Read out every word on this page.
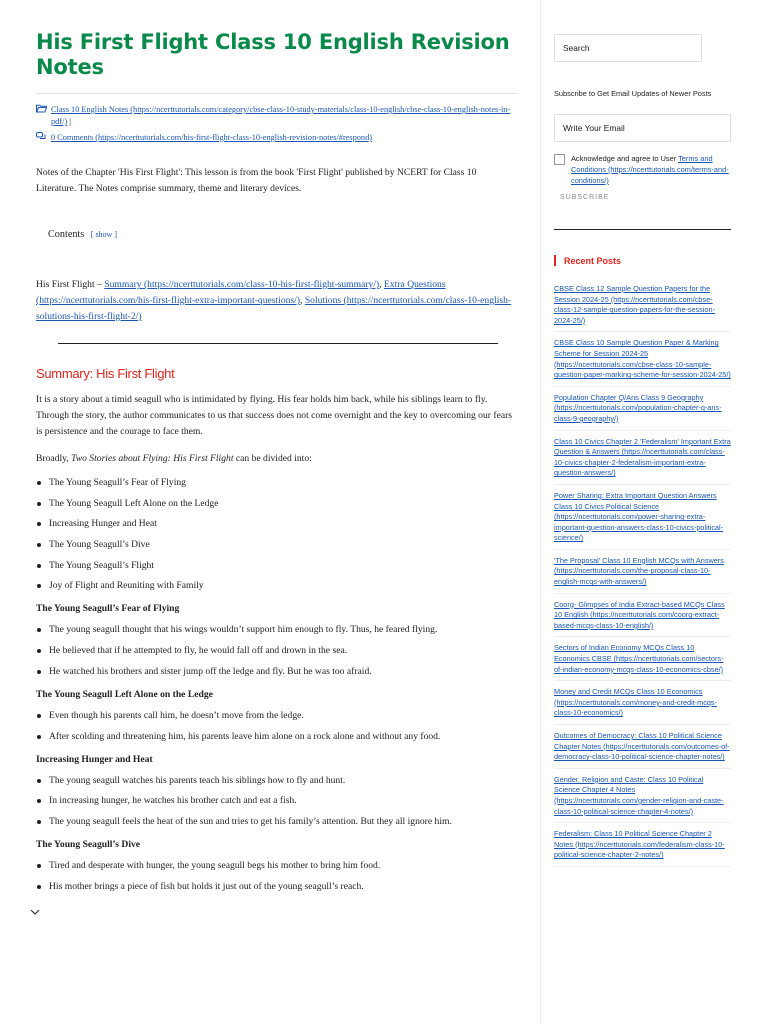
His First Flight Class 10 English Revision Notes
Class 10 English Notes (https://ncerttutorials.com/category/cbse-class-10-study-materials/class-10-english/cbse-class-10-english-notes-in-pdf/) |
0 Comments (https://ncerttutorials.com/his-first-flight-class-10-english-revision-notes/#respond)

Notes of the Chapter 'His First Flight': This lesson is from the book 'First Flight' published by NCERT for Class 10 Literature. The Notes comprise summary, theme and literary devices.

Contents [ show ]

His First Flight – Summary (https://ncerttutorials.com/class-10-his-first-flight-summary/), Extra Questions (https://ncerttutorials.com/his-first-flight-extra-important-questions/), Solutions (https://ncerttutorials.com/class-10-english-solutions-his-first-flight-2/)

Summary: His First Flight

It is a story about a timid seagull who is intimidated by flying. His fear holds him back, while his siblings learn to fly. Through the story, the author communicates to us that success does not come overnight and the key to overcoming our fears is persistence and the courage to face them.

Broadly, Two Stories about Flying: His First Flight can be divided into:

The Young Seagull’s Fear of Flying
The Young Seagull Left Alone on the Ledge
Increasing Hunger and Heat
The Young Seagull’s Dive
The Young Seagull’s Flight
Joy of Flight and Reuniting with Family
The Young Seagull’s Fear of Flying
The young seagull thought that his wings wouldn’t support him enough to fly. Thus, he feared flying.
He believed that if he attempted to fly, he would fall off and drown in the sea.
He watched his brothers and sister jump off the ledge and fly. But he was too afraid.
The Young Seagull Left Alone on the Ledge
Even though his parents call him, he doesn’t move from the ledge.
After scolding and threatening him, his parents leave him alone on a rock alone and without any food.
Increasing Hunger and Heat
The young seagull watches his parents teach his siblings how to fly and hunt.
In increasing hunger, he watches his brother catch and eat a fish.
The young seagull feels the heat of the sun and tries to get his family’s attention. But they all ignore him.
The Young Seagull’s Dive
Tired and desperate with hunger, the young seagull begs his mother to bring him food.
His mother brings a piece of fish but holds it just out of the young seagull’s reach.
Search
Subscribe to Get Email Updates of Newer Posts
Write Your Email
Acknowledge and agree to User Terms and Conditions (https://ncerttutorials.com/terms-and-conditions/)
SUBSCRIBE
Recent Posts
CBSE Class 12 Sample Question Papers for the Session 2024-25 (https://ncerttutorials.com/cbse-class-12-sample-question-papers-for-the-session-2024-25/)
CBSE Class 10 Sample Question Paper & Marking Scheme for Session 2024-25 (https://ncerttutorials.com/cbse-class-10-sample-question-paper-marking-scheme-for-session-2024-25/)
Population Chapter Q/Ans Class 9 Geography (https://ncerttutorials.com/population-chapter-q-ans-class-9-geography/)
Class 10 Civics Chapter 2 'Federalism' Important Extra Question & Answers (https://ncerttutorials.com/class-10-civics-chapter-2-federalism-important-extra-question-answers/)
Power Sharing: Extra Important Question Answers Class 10 Civics Political Science (https://ncerttutorials.com/power-sharing-extra-important-question-answers-class-10-civics-political-science/)
'The Proposal' Class 10 English MCQs with Answers (https://ncerttutorials.com/the-proposal-class-10-english-mcqs-with-answers/)
Coorg- Glimpses of India Extract-based MCQs Class 10 English (https://ncerttutorials.com/coorg-extract-based-mcqs-class-10-english/)
Sectors of Indian Economy MCQs Class 10 Economics CBSE (https://ncerttutorials.com/sectors-of-indian-economy-mcqs-class-10-economics-cbse/)
Money and Credit MCQs Class 10 Economics (https://ncerttutorials.com/money-and-credit-mcqs-class-10-economics/)
Outcomes of Democracy: Class 10 Political Science Chapter Notes (https://ncerttutorials.com/outcomes-of-democracy-class-10-political-science-chapter-notes/)
Gender, Religion and Caste: Class 10 Political Science Chapter 4 Notes (https://ncerttutorials.com/gender-religion-and-caste-class-10-political-science-chapter-4-notes/)
Federalism: Class 10 Political Science Chapter 2 Notes (https://ncerttutorials.com/federalism-class-10-political-science-chapter-2-notes/)
